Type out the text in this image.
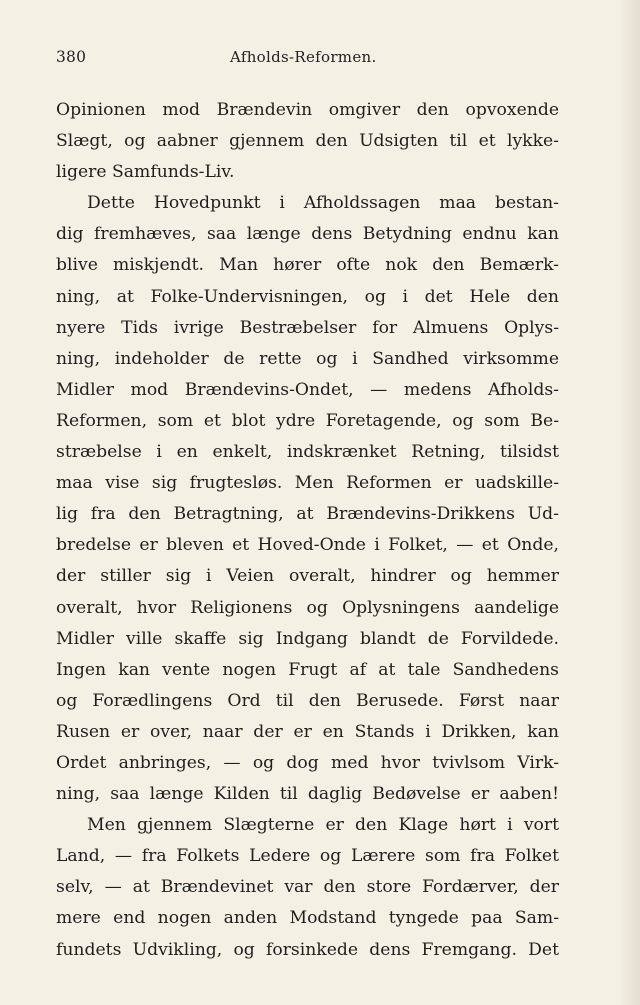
380	Afholds-Reformen.
Opinionen mod Brændevin omgiver den opvoxende
Slægt, og aabner gjennem den Udsigten til et lykke-
ligere Samfunds-Liv.
Dette Hovedpunkt i Afholdssagen maa bestan-
dig fremhæves, saa længe dens Betydning endnu kan
blive miskjendt. Man hører ofte nok den Bemærk-
ning, at Folke-Undervisningen, og i det Hele den
nyere Tids ivrige Bestræbelser for Almuens Oplys-
ning, indeholder de rette og i Sandhed virksomme
Midler mod Brændevins-Ondet, — medens Afholds-
Reformen, som et blot ydre Foretagende, og som Be-
stræbelse i en enkelt, indskrænket Retning, tilsidst
maa vise sig frugtesløs. Men Reformen er uadskille-
lig fra den Betragtning, at Brændevins-Drikkens Ud-
bredelse er bleven et Hoved-Onde i Folket, — et Onde,
der stiller sig i Veien overalt, hindrer og hemmer
overalt, hvor Religionens og Oplysningens aandelige
Midler ville skaffe sig Indgang blandt de Forvildede.
Ingen kan vente nogen Frugt af at tale Sandhedens
og Forædlingens Ord til den Berusede. Først naar
Rusen er over, naar der er en Stands i Drikken, kan
Ordet anbringes, — og dog med hvor tvivlsom Virk-
ning, saa længe Kilden til daglig Bedøvelse er aaben!
Men gjennem Slægterne er den Klage hørt i vort
Land, — fra Folkets Ledere og Lærere som fra Folket
selv, — at Brændevinet var den store Fordærver, der
mere end nogen anden Modstand tyngede paa Sam-
fundets Udvikling, og forsinkede dens Fremgang. Det
